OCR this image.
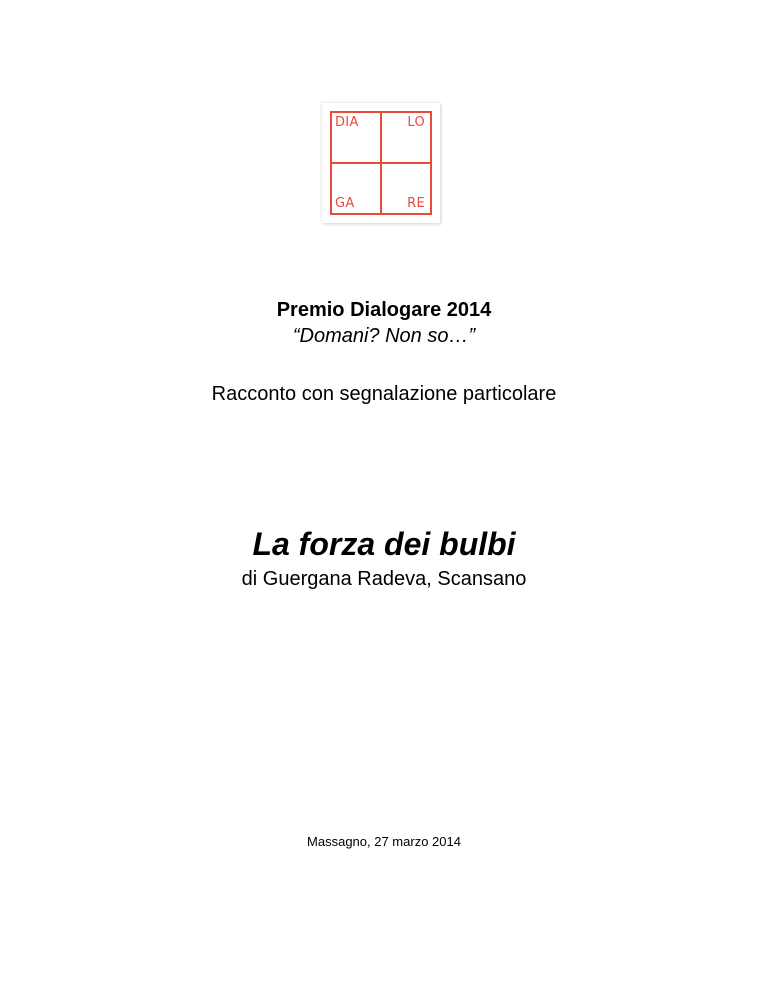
DIA	LO
GA	RE
Premio Dialogare 2014
“Domani? Non so…”
Racconto con segnalazione particolare
La forza dei bulbi
di Guergana Radeva, Scansano
Massagno, 27 marzo 2014
